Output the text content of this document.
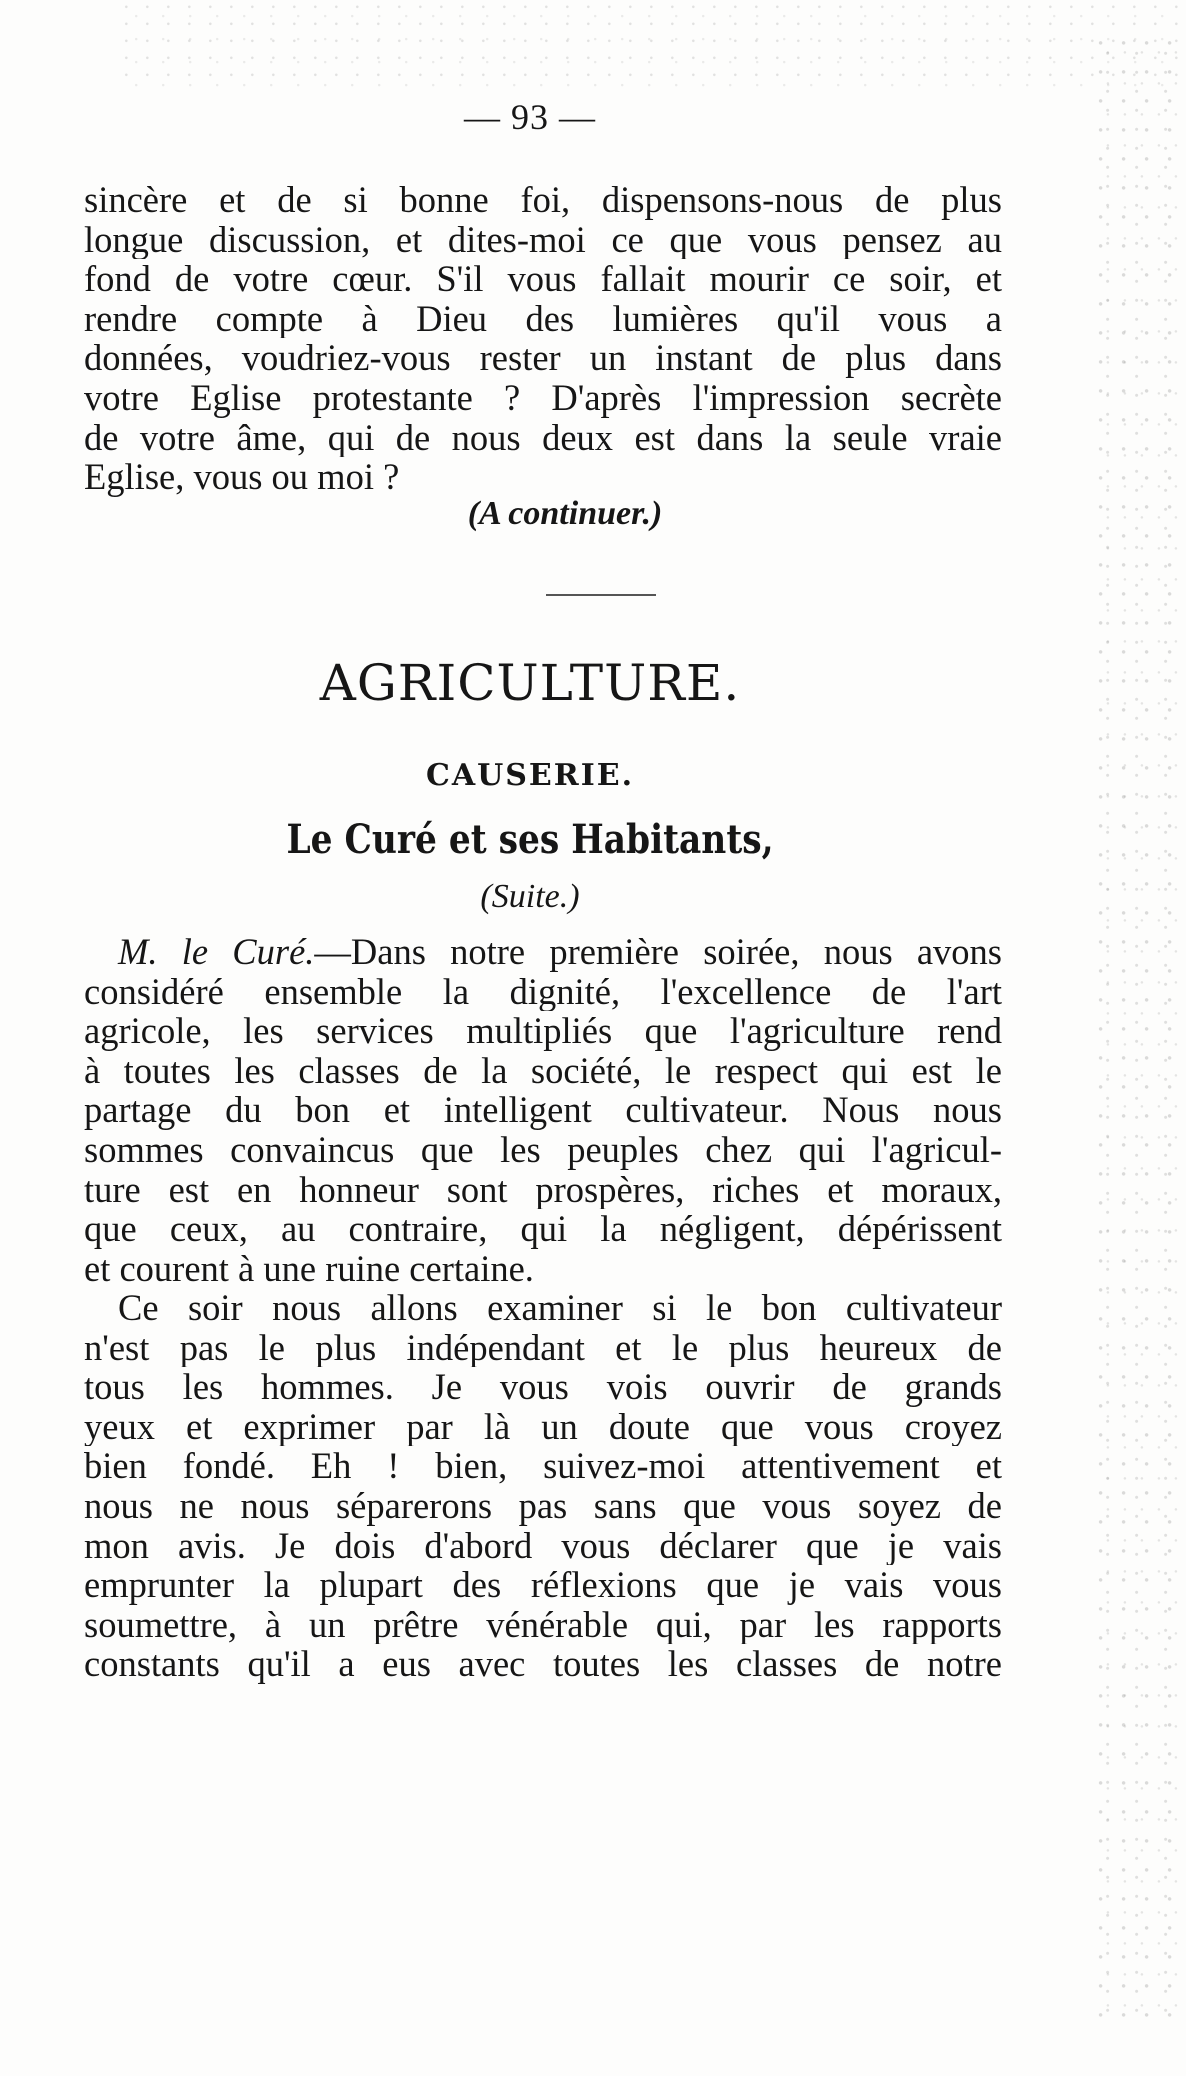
— 93 —

sincère et de si bonne foi, dispensons-nous de plus

longue discussion, et dites-moi ce que vous pensez au

fond de votre cœur. S'il vous fallait mourir ce soir, et

rendre compte à Dieu des lumières qu'il vous a

données, voudriez-vous rester un instant de plus dans

votre Eglise protestante ? D'après l'impression secrète

de votre âme, qui de nous deux est dans la seule vraie

Eglise, vous ou moi ?

(A continuer.)
AGRICULTURE.
CAUSERIE.
Le Curé et ses Habitants,
(Suite.)

M. le Curé.—Dans notre première soirée, nous avons

considéré ensemble la dignité, l'excellence de l'art

agricole, les services multipliés que l'agriculture rend

à toutes les classes de la société, le respect qui est le

partage du bon et intelligent cultivateur. Nous nous

sommes convaincus que les peuples chez qui l'agricul-

ture est en honneur sont prospères, riches et moraux,

que ceux, au contraire, qui la négligent, dépérissent

et courent à une ruine certaine.

Ce soir nous allons examiner si le bon cultivateur

n'est pas le plus indépendant et le plus heureux de

tous les hommes. Je vous vois ouvrir de grands

yeux et exprimer par là un doute que vous croyez

bien fondé. Eh ! bien, suivez-moi attentivement et

nous ne nous séparerons pas sans que vous soyez de

mon avis. Je dois d'abord vous déclarer que je vais

emprunter la plupart des réflexions que je vais vous

soumettre, à un prêtre vénérable qui, par les rapports

constants qu'il a eus avec toutes les classes de notre
